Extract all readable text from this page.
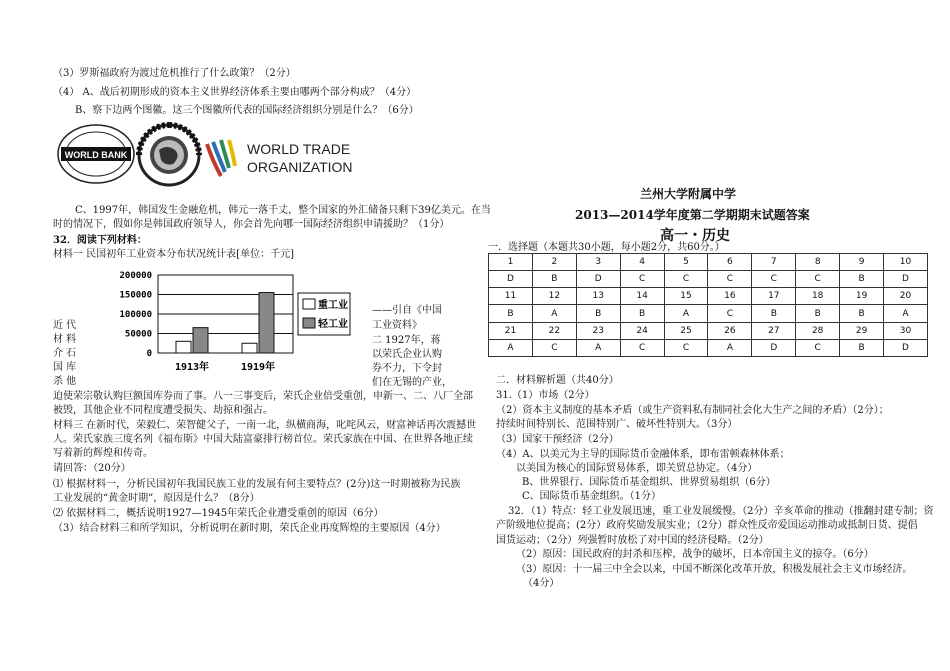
（3）罗斯福政府为渡过危机推行了什么政策？（2分）
（4） A、战后初期形成的资本主义世界经济体系主要由哪两个部分构成？（4分）
B、察下边两个图徽。这三个图徽所代表的国际经济组织分别是什么？（6分）
WORLD BANK	WORLD TRADE
ORGANIZATION
C、1997年，韩国发生金融危机，韩元一落千丈，整个国家的外汇储备只剩下39亿美元。在当
时的情况下，假如你是韩国政府领导人，你会首先向哪一国际经济组织申请援助？（1分）
32．阅读下列材料：
材料一 民国初年工业资本分布状况统计表[单位：千元]
200000
150000
100000
50000
0
1913年	1919年
重工业
轻工业
近 代
材 料
介 石
国 库
杀 他
——引自《中国
工业资料》
二 1927年，蒋
以荣氏企业认购
券不力，下令封
们在无锡的产业，
迫使荣宗敬认购巨额国库券而了事。八一三事变后，荣氏企业倍受重创，申新一、二、八厂全部
被毁，其他企业不同程度遭受损失、劫掠和强占。
材料三 在新时代，荣毅仁、荣智健父子，一南一北，纵横商海，叱咤风云，财富神话再次震撼世
人。荣氏家族三度名列《福布斯》中国大陆富豪排行榜首位。荣氏家族在中国、在世界各地正续
写着新的辉煌和传奇。
请回答：（20分）
⑴ 根据材料一，分析民国初年我国民族工业的发展有何主要特点？(2分)这一时期被称为民族
工业发展的“黄金时期”，原因是什么？（8分）
⑵ 依据材料二，概括说明1927—1945年荣氏企业遭受重创的原因（6分）
（3）结合材料三和所学知识，分析说明在新时期，荣氏企业再度辉煌的主要原因（4分）
兰州大学附属中学
2013—2014学年度第二学期期末试题答案
高一・历史
一．选择题（本题共30小题，每小题2分，共60分。）
1	2	3	4	5	6	7	8	9	10
D	B	D	C	C	C	C	C	B	D
11	12	13	14	15	16	17	18	19	20
B	A	B	B	A	C	B	B	B	A
21	22	23	24	25	26	27	28	29	30
A	C	A	C	C	A	D	C	B	D
二．材料解析题（共40分）
31.（1）市场（2分）
（2）资本主义制度的基本矛盾（或生产资料私有制同社会化大生产之间的矛盾）（2分）；
持续时间特别长、范围特别广、破坏性特别大。（3分）
（3）国家干预经济（2分）
（4）A、以美元为主导的国际货币金融体系，即布雷顿森林体系；
以美国为核心的国际贸易体系，即关贸总协定。（4分）
B、世界银行、国际货币基金组织、世界贸易组织（6分）
C、国际货币基金组织。（1分）
32．（1）特点：轻工业发展迅速，重工业发展缓慢。（2分）辛亥革命的推动（推翻封建专制；资
产阶级地位提高；(2分）政府奖励发展实业；（2分）群众性反帝爱国运动推动或抵制日货、提倡
国货运动；（2分）列强暂时放松了对中国的经济侵略。（2分）
（2）原因：国民政府的封杀和压榨，战争的破坏，日本帝国主义的掠夺。（6分）
（3）原因：十一届三中全会以来，中国不断深化改革开放，积极发展社会主义市场经济。
（4分）
